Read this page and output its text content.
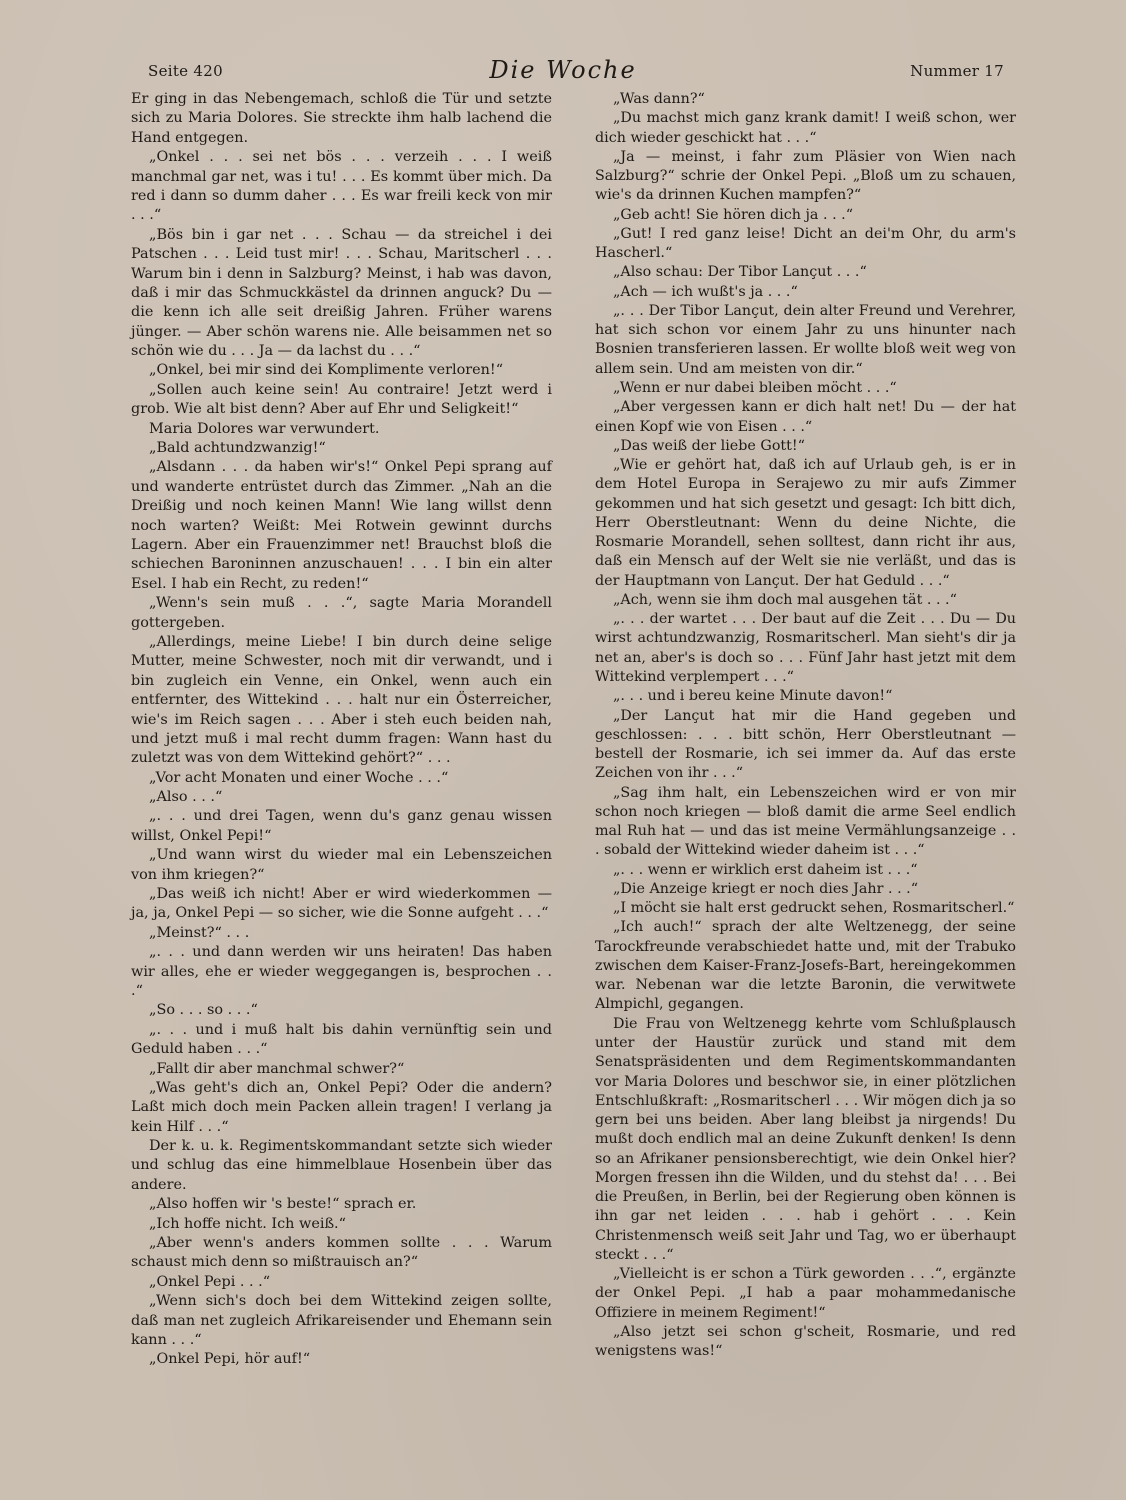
Seite 420	Die Woche	Nummer 17

Er ging in das Nebengemach, schloß die Tür und setzte sich zu Maria Dolores. Sie streckte ihm halb lachend die Hand entgegen.

„Onkel . . . sei net bös . . . verzeih . . . I weiß manchmal gar net, was i tu! . . . Es kommt über mich. Da red i dann so dumm daher . . . Es war freili keck von mir . . .“

„Bös bin i gar net . . . Schau — da streichel i dei Patschen . . . Leid tust mir! . . . Schau, Maritscherl . . . Warum bin i denn in Salzburg? Meinst, i hab was davon, daß i mir das Schmuckkästel da drinnen anguck? Du — die kenn ich alle seit dreißig Jahren. Früher warens jünger. — Aber schön warens nie. Alle beisammen net so schön wie du . . . Ja — da lachst du . . .“

„Onkel, bei mir sind dei Komplimente verloren!“

„Sollen auch keine sein! Au contraire! Jetzt werd i grob. Wie alt bist denn? Aber auf Ehr und Seligkeit!“

Maria Dolores war verwundert.

„Bald achtundzwanzig!“

„Alsdann . . . da haben wir's!“ Onkel Pepi sprang auf und wanderte entrüstet durch das Zimmer. „Nah an die Dreißig und noch keinen Mann! Wie lang willst denn noch warten? Weißt: Mei Rotwein gewinnt durchs Lagern. Aber ein Frauenzimmer net! Brauchst bloß die schiechen Baroninnen anzuschauen! . . . I bin ein alter Esel. I hab ein Recht, zu reden!“

„Wenn's sein muß . . .“, sagte Maria Morandell gottergeben.

„Allerdings, meine Liebe! I bin durch deine selige Mutter, meine Schwester, noch mit dir verwandt, und i bin zugleich ein Venne, ein Onkel, wenn auch ein entfernter, des Wittekind . . . halt nur ein Österreicher, wie's im Reich sagen . . . Aber i steh euch beiden nah, und jetzt muß i mal recht dumm fragen: Wann hast du zuletzt was von dem Wittekind gehört?“ . . .

„Vor acht Monaten und einer Woche . . .“

„Also . . .“

„. . . und drei Tagen, wenn du's ganz genau wissen willst, Onkel Pepi!“

„Und wann wirst du wieder mal ein Lebenszeichen von ihm kriegen?“

„Das weiß ich nicht! Aber er wird wiederkommen — ja, ja, Onkel Pepi — so sicher, wie die Sonne aufgeht . . .“

„Meinst?“ . . .

„. . . und dann werden wir uns heiraten! Das haben wir alles, ehe er wieder weggegangen is, besprochen . . .“

„So . . . so . . .“

„. . . und i muß halt bis dahin vernünftig sein und Geduld haben . . .“

„Fallt dir aber manchmal schwer?“

„Was geht's dich an, Onkel Pepi? Oder die andern? Laßt mich doch mein Packen allein tragen! I verlang ja kein Hilf . . .“

Der k. u. k. Regimentskommandant setzte sich wieder und schlug das eine himmelblaue Hosenbein über das andere.

„Also hoffen wir 's beste!“ sprach er.

„Ich hoffe nicht. Ich weiß.“

„Aber wenn's anders kommen sollte . . . Warum schaust mich denn so mißtrauisch an?“

„Onkel Pepi . . .“

„Wenn sich's doch bei dem Wittekind zeigen sollte, daß man net zugleich Afrikareisender und Ehemann sein kann . . .“

„Onkel Pepi, hör auf!“

„Was dann?“

„Du machst mich ganz krank damit! I weiß schon, wer dich wieder geschickt hat . . .“

„Ja — meinst, i fahr zum Pläsier von Wien nach Salzburg?“ schrie der Onkel Pepi. „Bloß um zu schauen, wie's da drinnen Kuchen mampfen?“

„Geb acht! Sie hören dich ja . . .“

„Gut! I red ganz leise! Dicht an dei'm Ohr, du arm's Hascherl.“

„Also schau: Der Tibor Lançut . . .“

„Ach — ich wußt's ja . . .“

„. . . Der Tibor Lançut, dein alter Freund und Verehrer, hat sich schon vor einem Jahr zu uns hinunter nach Bosnien transferieren lassen. Er wollte bloß weit weg von allem sein. Und am meisten von dir.“

„Wenn er nur dabei bleiben möcht . . .“

„Aber vergessen kann er dich halt net! Du — der hat einen Kopf wie von Eisen . . .“

„Das weiß der liebe Gott!“

„Wie er gehört hat, daß ich auf Urlaub geh, is er in dem Hotel Europa in Serajewo zu mir aufs Zimmer gekommen und hat sich gesetzt und gesagt: Ich bitt dich, Herr Oberstleutnant: Wenn du deine Nichte, die Rosmarie Morandell, sehen solltest, dann richt ihr aus, daß ein Mensch auf der Welt sie nie verläßt, und das is der Hauptmann von Lançut. Der hat Geduld . . .“

„Ach, wenn sie ihm doch mal ausgehen tät . . .“

„. . . der wartet . . . Der baut auf die Zeit . . . Du — Du wirst achtundzwanzig, Rosmaritscherl. Man sieht's dir ja net an, aber's is doch so . . . Fünf Jahr hast jetzt mit dem Wittekind verplempert . . .“

„. . . und i bereu keine Minute davon!“

„Der Lançut hat mir die Hand gegeben und geschlossen: . . . bitt schön, Herr Oberstleutnant — bestell der Rosmarie, ich sei immer da. Auf das erste Zeichen von ihr . . .“

„Sag ihm halt, ein Lebenszeichen wird er von mir schon noch kriegen — bloß damit die arme Seel endlich mal Ruh hat — und das ist meine Vermählungsanzeige . . . sobald der Wittekind wieder daheim ist . . .“

„. . . wenn er wirklich erst daheim ist . . .“

„Die Anzeige kriegt er noch dies Jahr . . .“

„I möcht sie halt erst gedruckt sehen, Rosmaritscherl.“

„Ich auch!“ sprach der alte Weltzenegg, der seine Tarockfreunde verabschiedet hatte und, mit der Trabuko zwischen dem Kaiser-Franz-Josefs-Bart, hereingekommen war. Nebenan war die letzte Baronin, die verwitwete Almpichl, gegangen.

Die Frau von Weltzenegg kehrte vom Schlußplausch unter der Haustür zurück und stand mit dem Senatspräsidenten und dem Regimentskommandanten vor Maria Dolores und beschwor sie, in einer plötzlichen Entschlußkraft: „Rosmaritscherl . . . Wir mögen dich ja so gern bei uns beiden. Aber lang bleibst ja nirgends! Du mußt doch endlich mal an deine Zukunft denken! Is denn so an Afrikaner pensionsberechtigt, wie dein Onkel hier? Morgen fressen ihn die Wilden, und du stehst da! . . . Bei die Preußen, in Berlin, bei der Regierung oben können is ihn gar net leiden . . . hab i gehört . . . Kein Christenmensch weiß seit Jahr und Tag, wo er überhaupt steckt . . .“

„Vielleicht is er schon a Türk geworden . . .“, ergänzte der Onkel Pepi. „I hab a paar mohammedanische Offiziere in meinem Regiment!“

„Also jetzt sei schon g'scheit, Rosmarie, und red wenigstens was!“
